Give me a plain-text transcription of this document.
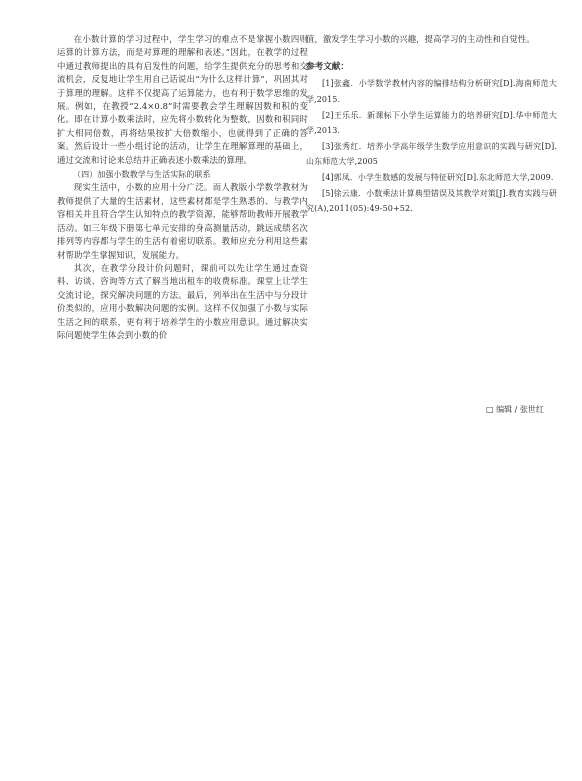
在小数计算的学习过程中，学生学习的难点不是掌握小数四则运算的计算方法，而是对算理的理解和表述。”因此，在教学的过程中通过教师提出的具有启发性的问题，给学生提供充分的思考和交流机会，反复地让学生用自己话说出“为什么这样计算”，巩固其对于算理的理解。这样不仅提高了运算能力，也有利于数学思维的发展。例如，在教授“2.4×0.8”时需要教会学生理解因数和积的变化。即在计算小数乘法时，应先将小数转化为整数，因数和积同时扩大相同倍数，再将结果按扩大倍数缩小，也就得到了正确的答案。然后设计一些小组讨论的活动，让学生在理解算理的基础上，通过交流和讨论来总结并正确表述小数乘法的算理。

（四）加强小数教学与生活实际的联系

现实生活中，小数的应用十分广泛。而人教版小学数学教材为教师提供了大量的生活素材，这些素材都是学生熟悉的、与教学内容相关并且符合学生认知特点的教学资源，能够帮助教师开展教学活动。如三年级下册第七单元安排的身高测量活动，跳远成绩名次排列等内容都与学生的生活有着密切联系。教师应充分利用这些素材帮助学生掌握知识，发展能力。

其次，在教学分段计价问题时，课前可以先让学生通过查资料、访谈、咨询等方式了解当地出租车的收费标准。课堂上让学生交流讨论，探究解决问题的方法。最后，列举出在生活中与分段计价类似的，应用小数解决问题的实例。这样不仅加强了小数与实际生活之间的联系，更有利于培养学生的小数应用意识。通过解决实际问题使学生体会到小数的价

值，激发学生学习小数的兴趣，提高学习的主动性和自觉性。

参考文献：

[1]张鑫．小学数学教材内容的编排结构分析研究[D].海南师范大学,2015.

[2]王乐乐．新课标下小学生运算能力的培养研究[D].华中师范大学,2013.

[3]张秀红．培养小学高年级学生数学应用意识的实践与研究[D].山东师范大学,2005

[4]郭凤．小学生数感的发展与特征研究[D].东北师范大学,2009.

[5]徐云康．小数乘法计算典型错误及其教学对策[J].教育实践与研究(A),2011(05):49-50+52.

□ 编辑 / 张世红
